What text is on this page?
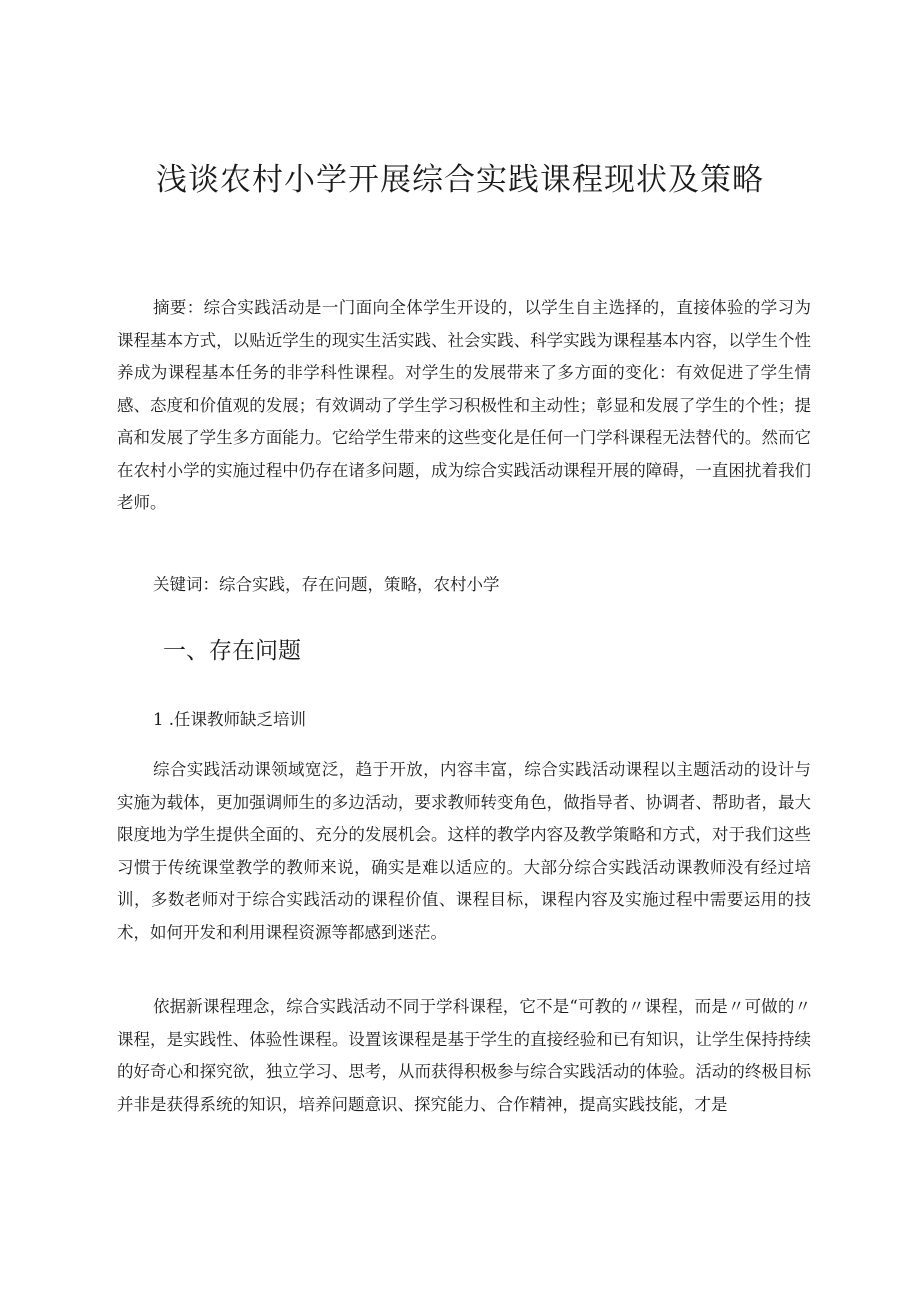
浅谈农村小学开展综合实践课程现状及策略

摘要：综合实践活动是一门面向全体学生开设的，以学生自主选择的，直接体验的学习为课程基本方式，以贴近学生的现实生活实践、社会实践、科学实践为课程基本内容，以学生个性养成为课程基本任务的非学科性课程。对学生的发展带来了多方面的变化：有效促进了学生情感、态度和价值观的发展；有效调动了学生学习积极性和主动性；彰显和发展了学生的个性；提高和发展了学生多方面能力。它给学生带来的这些变化是任何一门学科课程无法替代的。然而它在农村小学的实施过程中仍存在诸多问题，成为综合实践活动课程开展的障碍，一直困扰着我们老师。

关键词：综合实践，存在问题，策略，农村小学

一、存在问题

1 .任课教师缺乏培训

综合实践活动课领域宽泛，趋于开放，内容丰富，综合实践活动课程以主题活动的设计与实施为载体，更加强调师生的多边活动，要求教师转变角色，做指导者、协调者、帮助者，最大限度地为学生提供全面的、充分的发展机会。这样的教学内容及教学策略和方式，对于我们这些习惯于传统课堂教学的教师来说，确实是难以适应的。大部分综合实践活动课教师没有经过培训，多数老师对于综合实践活动的课程价值、课程目标，课程内容及实施过程中需要运用的技术，如何开发和利用课程资源等都感到迷茫。

依据新课程理念，综合实践活动不同于学科课程，它不是“可教的〃课程，而是〃可做的〃课程，是实践性、体验性课程。设置该课程是基于学生的直接经验和已有知识，让学生保持持续的好奇心和探究欲，独立学习、思考，从而获得积极参与综合实践活动的体验。活动的终极目标并非是获得系统的知识，培养问题意识、探究能力、合作精神，提高实践技能，才是
